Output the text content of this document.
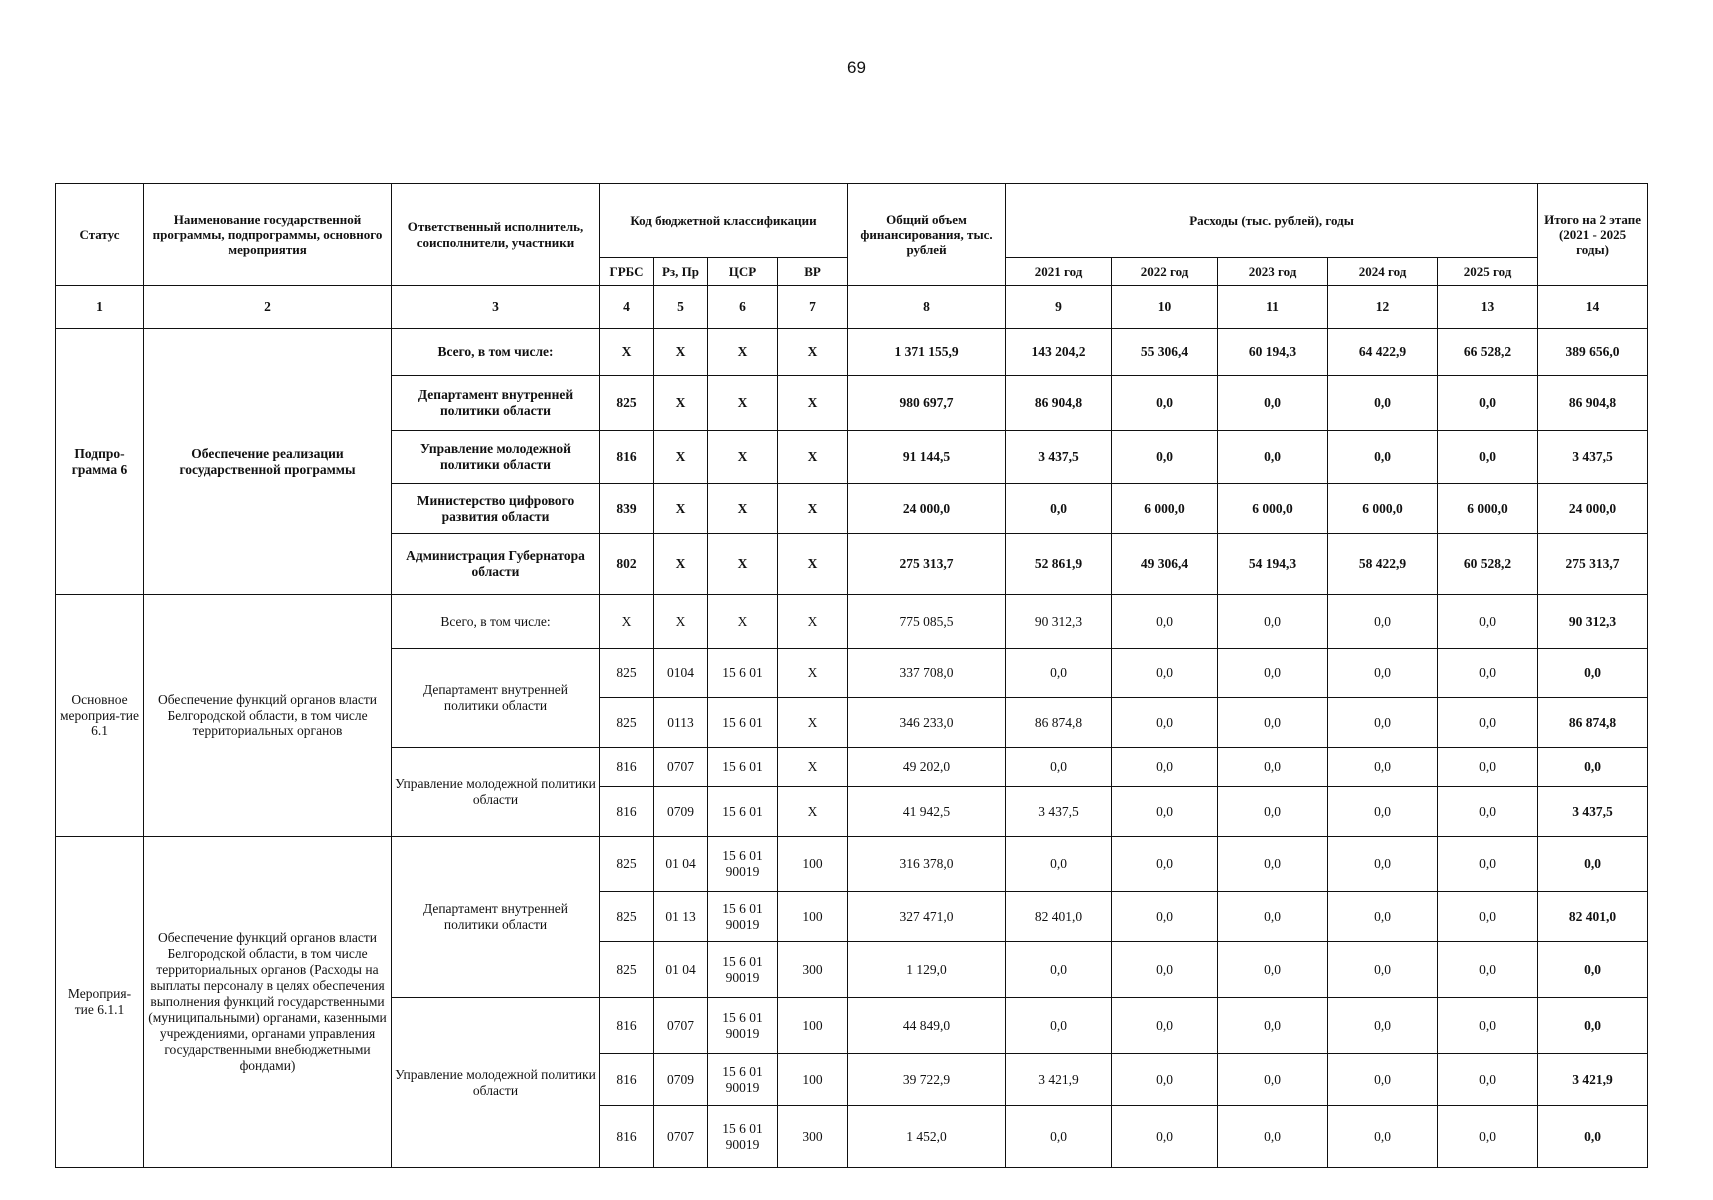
69
Статус	Наименование государственной программы, подпрограммы, основного мероприятия	Ответственный исполнитель, соисполнители, участники	Код бюджетной классификации				Общий объем финансирования, тыс. рублей	Расходы (тыс. рублей), годы					Итого на 2 этапе (2021 - 2025 годы)
			ГРБС	Рз, Пр	ЦСР	ВР		2021 год	2022 год	2023 год	2024 год	2025 год	
1	2	3	4	5	6	7	8	9	10	11	12	13	14
Подпро-грамма 6	Обеспечение реализации государственной программы	Всего, в том числе:	X	X	X	X	1 371 155,9	143 204,2	55 306,4	60 194,3	64 422,9	66 528,2	389 656,0
		Департамент внутренней политики области	825	X	X	X	980 697,7	86 904,8	0,0	0,0	0,0	0,0	86 904,8
		Управление молодежной политики области	816	X	X	X	91 144,5	3 437,5	0,0	0,0	0,0	0,0	3 437,5
		Министерство цифрового развития области	839	X	X	X	24 000,0	0,0	6 000,0	6 000,0	6 000,0	6 000,0	24 000,0
		Администрация Губернатора области	802	X	X	X	275 313,7	52 861,9	49 306,4	54 194,3	58 422,9	60 528,2	275 313,7
Основное мероприя-тие 6.1	Обеспечение функций органов власти Белгородской области, в том числе территориальных органов	Всего, в том числе:	X	X	X	X	775 085,5	90 312,3	0,0	0,0	0,0	0,0	90 312,3
		Департамент внутренней политики области	825	0104	15 6 01	X	337 708,0	0,0	0,0	0,0	0,0	0,0	0,0
			825	0113	15 6 01	X	346 233,0	86 874,8	0,0	0,0	0,0	0,0	86 874,8
		Управление молодежной политики области	816	0707	15 6 01	X	49 202,0	0,0	0,0	0,0	0,0	0,0	0,0
			816	0709	15 6 01	X	41 942,5	3 437,5	0,0	0,0	0,0	0,0	3 437,5
Мероприя-тие 6.1.1	Обеспечение функций органов власти Белгородской области, в том числе территориальных органов (Расходы на выплаты персоналу в целях обеспечения выполнения функций государственными (муниципальными) органами, казенными учреждениями, органами управления государственными внебюджетными фондами)	Департамент внутренней политики области	825	01 04	15 6 01 90019	100	316 378,0	0,0	0,0	0,0	0,0	0,0	0,0
			825	01 13	15 6 01 90019	100	327 471,0	82 401,0	0,0	0,0	0,0	0,0	82 401,0
			825	01 04	15 6 01 90019	300	1 129,0	0,0	0,0	0,0	0,0	0,0	0,0
		Управление молодежной политики области	816	0707	15 6 01 90019	100	44 849,0	0,0	0,0	0,0	0,0	0,0	0,0
			816	0709	15 6 01 90019	100	39 722,9	3 421,9	0,0	0,0	0,0	0,0	3 421,9
			816	0707	15 6 01 90019	300	1 452,0	0,0	0,0	0,0	0,0	0,0	0,0
